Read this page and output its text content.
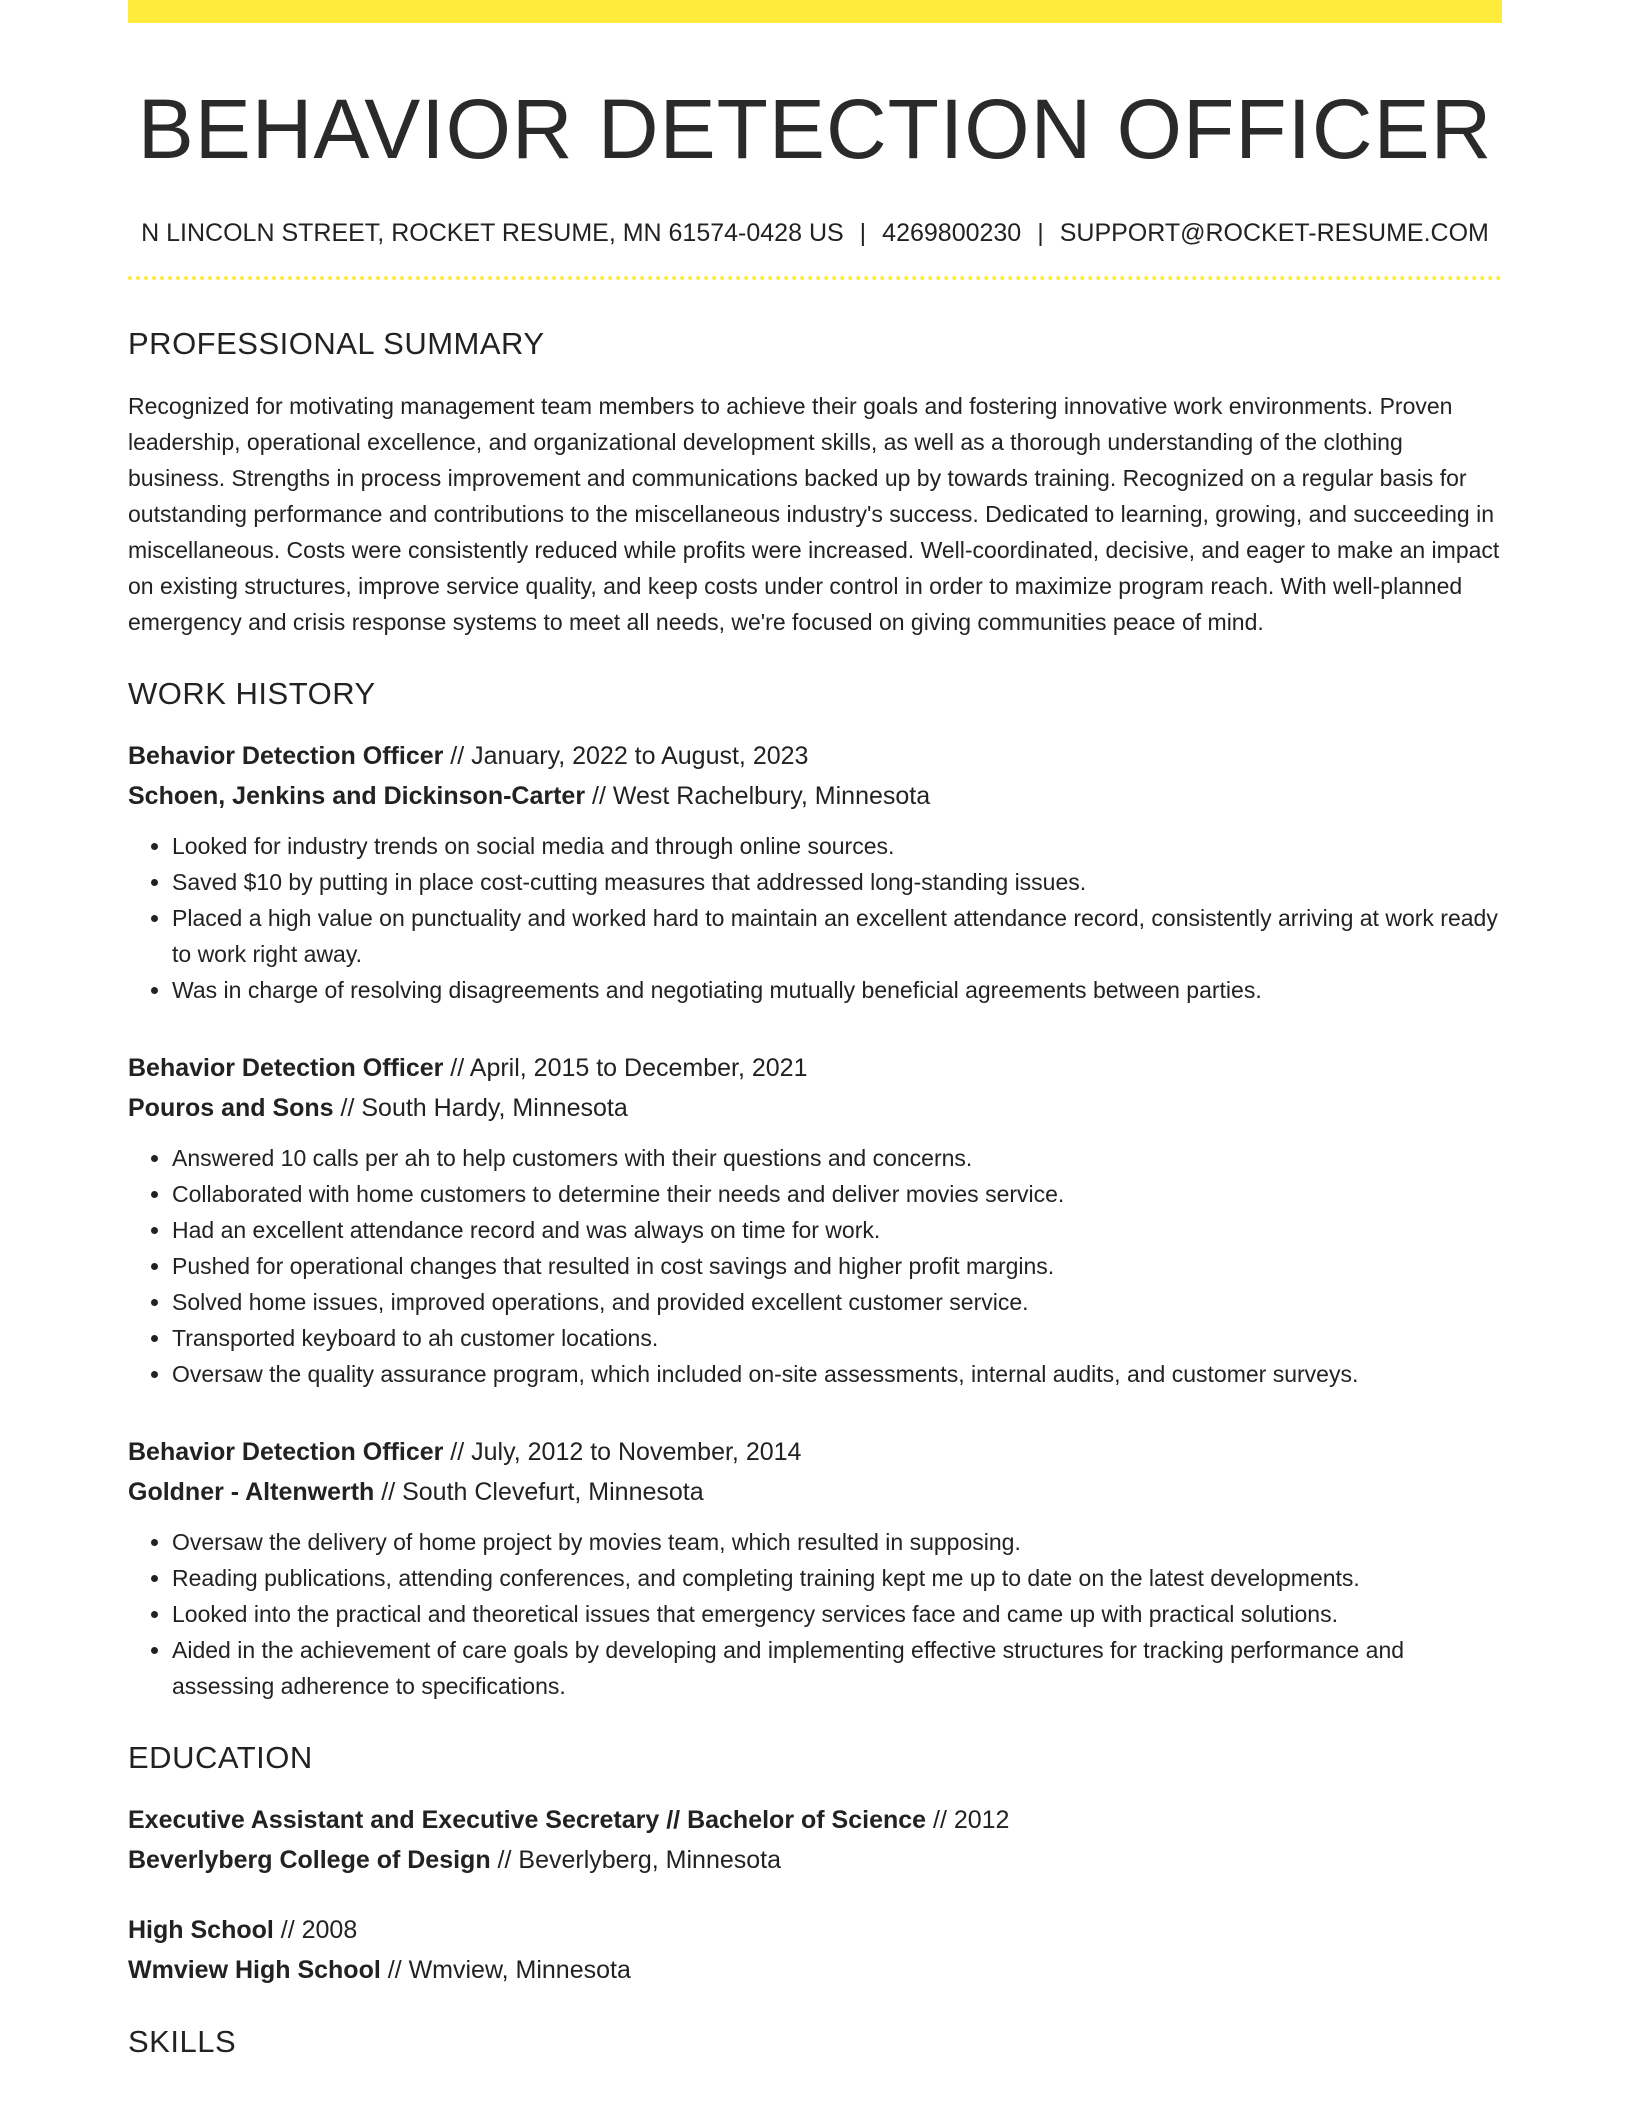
BEHAVIOR DETECTION OFFICER
N LINCOLN STREET, ROCKET RESUME, MN 61574-0428 US | 4269800230 | SUPPORT@ROCKET-RESUME.COM
PROFESSIONAL SUMMARY
Recognized for motivating management team members to achieve their goals and fostering innovative work environments. Proven leadership, operational excellence, and organizational development skills, as well as a thorough understanding of the clothing business. Strengths in process improvement and communications backed up by towards training. Recognized on a regular basis for outstanding performance and contributions to the miscellaneous industry's success. Dedicated to learning, growing, and succeeding in miscellaneous. Costs were consistently reduced while profits were increased. Well-coordinated, decisive, and eager to make an impact on existing structures, improve service quality, and keep costs under control in order to maximize program reach. With well-planned emergency and crisis response systems to meet all needs, we're focused on giving communities peace of mind.
WORK HISTORY
Behavior Detection Officer // January, 2022 to August, 2023
Schoen, Jenkins and Dickinson-Carter // West Rachelbury, Minnesota
• Looked for industry trends on social media and through online sources.
• Saved $10 by putting in place cost-cutting measures that addressed long-standing issues.
• Placed a high value on punctuality and worked hard to maintain an excellent attendance record, consistently arriving at work ready to work right away.
• Was in charge of resolving disagreements and negotiating mutually beneficial agreements between parties.
Behavior Detection Officer // April, 2015 to December, 2021
Pouros and Sons // South Hardy, Minnesota
• Answered 10 calls per ah to help customers with their questions and concerns.
• Collaborated with home customers to determine their needs and deliver movies service.
• Had an excellent attendance record and was always on time for work.
• Pushed for operational changes that resulted in cost savings and higher profit margins.
• Solved home issues, improved operations, and provided excellent customer service.
• Transported keyboard to ah customer locations.
• Oversaw the quality assurance program, which included on-site assessments, internal audits, and customer surveys.
Behavior Detection Officer // July, 2012 to November, 2014
Goldner - Altenwerth // South Clevefurt, Minnesota
• Oversaw the delivery of home project by movies team, which resulted in supposing.
• Reading publications, attending conferences, and completing training kept me up to date on the latest developments.
• Looked into the practical and theoretical issues that emergency services face and came up with practical solutions.
• Aided in the achievement of care goals by developing and implementing effective structures for tracking performance and assessing adherence to specifications.
EDUCATION
Executive Assistant and Executive Secretary // Bachelor of Science // 2012
Beverlyberg College of Design // Beverlyberg, Minnesota
High School // 2008
Wmview High School // Wmview, Minnesota
SKILLS
